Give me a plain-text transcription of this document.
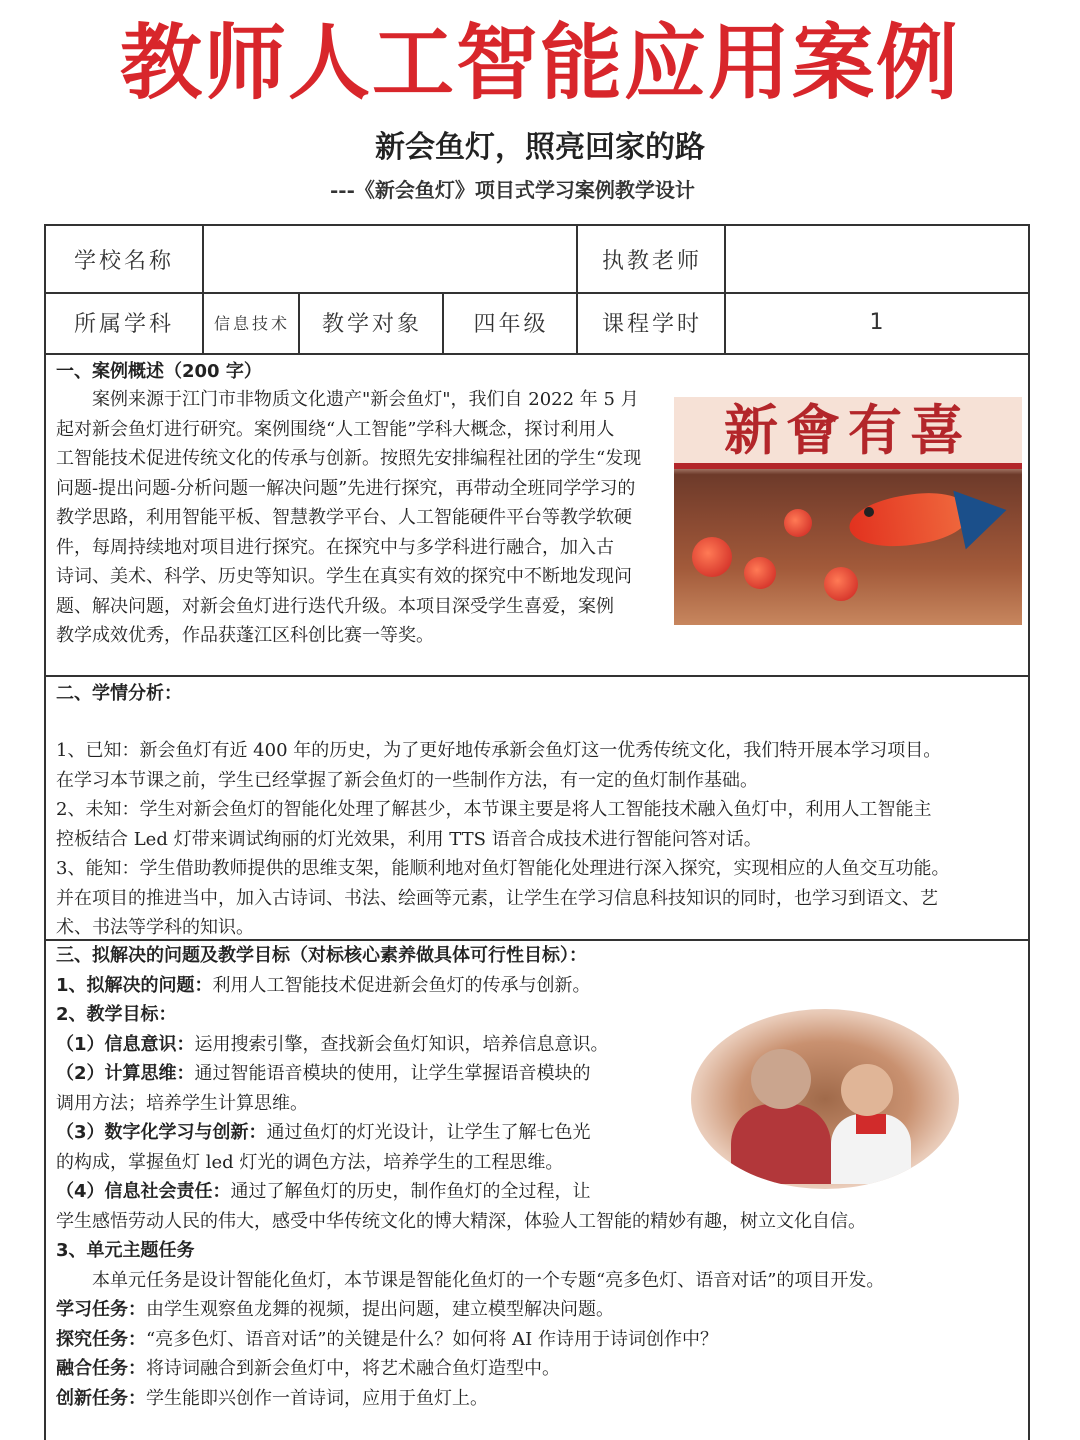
教师人工智能应用案例
新会鱼灯，照亮回家的路
---《新会鱼灯》项目式学习案例教学设计
学校名称	执教老师
所属学科	信息技术	教学对象	四年级	课程学时	1
一、案例概述（200 字）
案例来源于江门市非物质文化遗产"新会鱼灯"，我们自 2022 年 5 月
起对新会鱼灯进行研究。案例围绕“人工智能”学科大概念，探讨利用人
工智能技术促进传统文化的传承与创新。按照先安排编程社团的学生“发现
问题-提出问题-分析问题一解决问题”先进行探究，再带动全班同学学习的
教学思路，利用智能平板、智慧教学平台、人工智能硬件平台等教学软硬
件，每周持续地对项目进行探究。在探究中与多学科进行融合，加入古
诗词、美术、科学、历史等知识。学生在真实有效的探究中不断地发现问
题、解决问题，对新会鱼灯进行迭代升级。本项目深受学生喜爱，案例
教学成效优秀，作品获蓬江区科创比赛一等奖。
新會有喜
二、学情分析：
1、已知：新会鱼灯有近 400 年的历史，为了更好地传承新会鱼灯这一优秀传统文化，我们特开展本学习项目。
在学习本节课之前，学生已经掌握了新会鱼灯的一些制作方法，有一定的鱼灯制作基础。
2、未知：学生对新会鱼灯的智能化处理了解甚少，本节课主要是将人工智能技术融入鱼灯中，利用人工智能主
控板结合 Led 灯带来调试绚丽的灯光效果，利用 TTS 语音合成技术进行智能问答对话。
3、能知：学生借助教师提供的思维支架，能顺利地对鱼灯智能化处理进行深入探究，实现相应的人鱼交互功能。
并在项目的推进当中，加入古诗词、书法、绘画等元素，让学生在学习信息科技知识的同时，也学习到语文、艺
术、书法等学科的知识。
三、拟解决的问题及教学目标（对标核心素养做具体可行性目标）：
1、拟解决的问题：利用人工智能技术促进新会鱼灯的传承与创新。
2、教学目标：
（1）信息意识：运用搜索引擎，查找新会鱼灯知识，培养信息意识。
（2）计算思维：通过智能语音模块的使用，让学生掌握语音模块的
调用方法；培养学生计算思维。
（3）数字化学习与创新：通过鱼灯的灯光设计，让学生了解七色光
的构成，掌握鱼灯 led 灯光的调色方法，培养学生的工程思维。
（4）信息社会责任：通过了解鱼灯的历史，制作鱼灯的全过程，让
学生感悟劳动人民的伟大，感受中华传统文化的博大精深，体验人工智能的精妙有趣，树立文化自信。
3、单元主题任务
本单元任务是设计智能化鱼灯，本节课是智能化鱼灯的一个专题“亮多色灯、语音对话”的项目开发。
学习任务：由学生观察鱼龙舞的视频，提出问题，建立模型解决问题。
探究任务：“亮多色灯、语音对话”的关键是什么？如何将 AI 作诗用于诗词创作中？
融合任务：将诗词融合到新会鱼灯中，将艺术融合鱼灯造型中。
创新任务：学生能即兴创作一首诗词，应用于鱼灯上。
